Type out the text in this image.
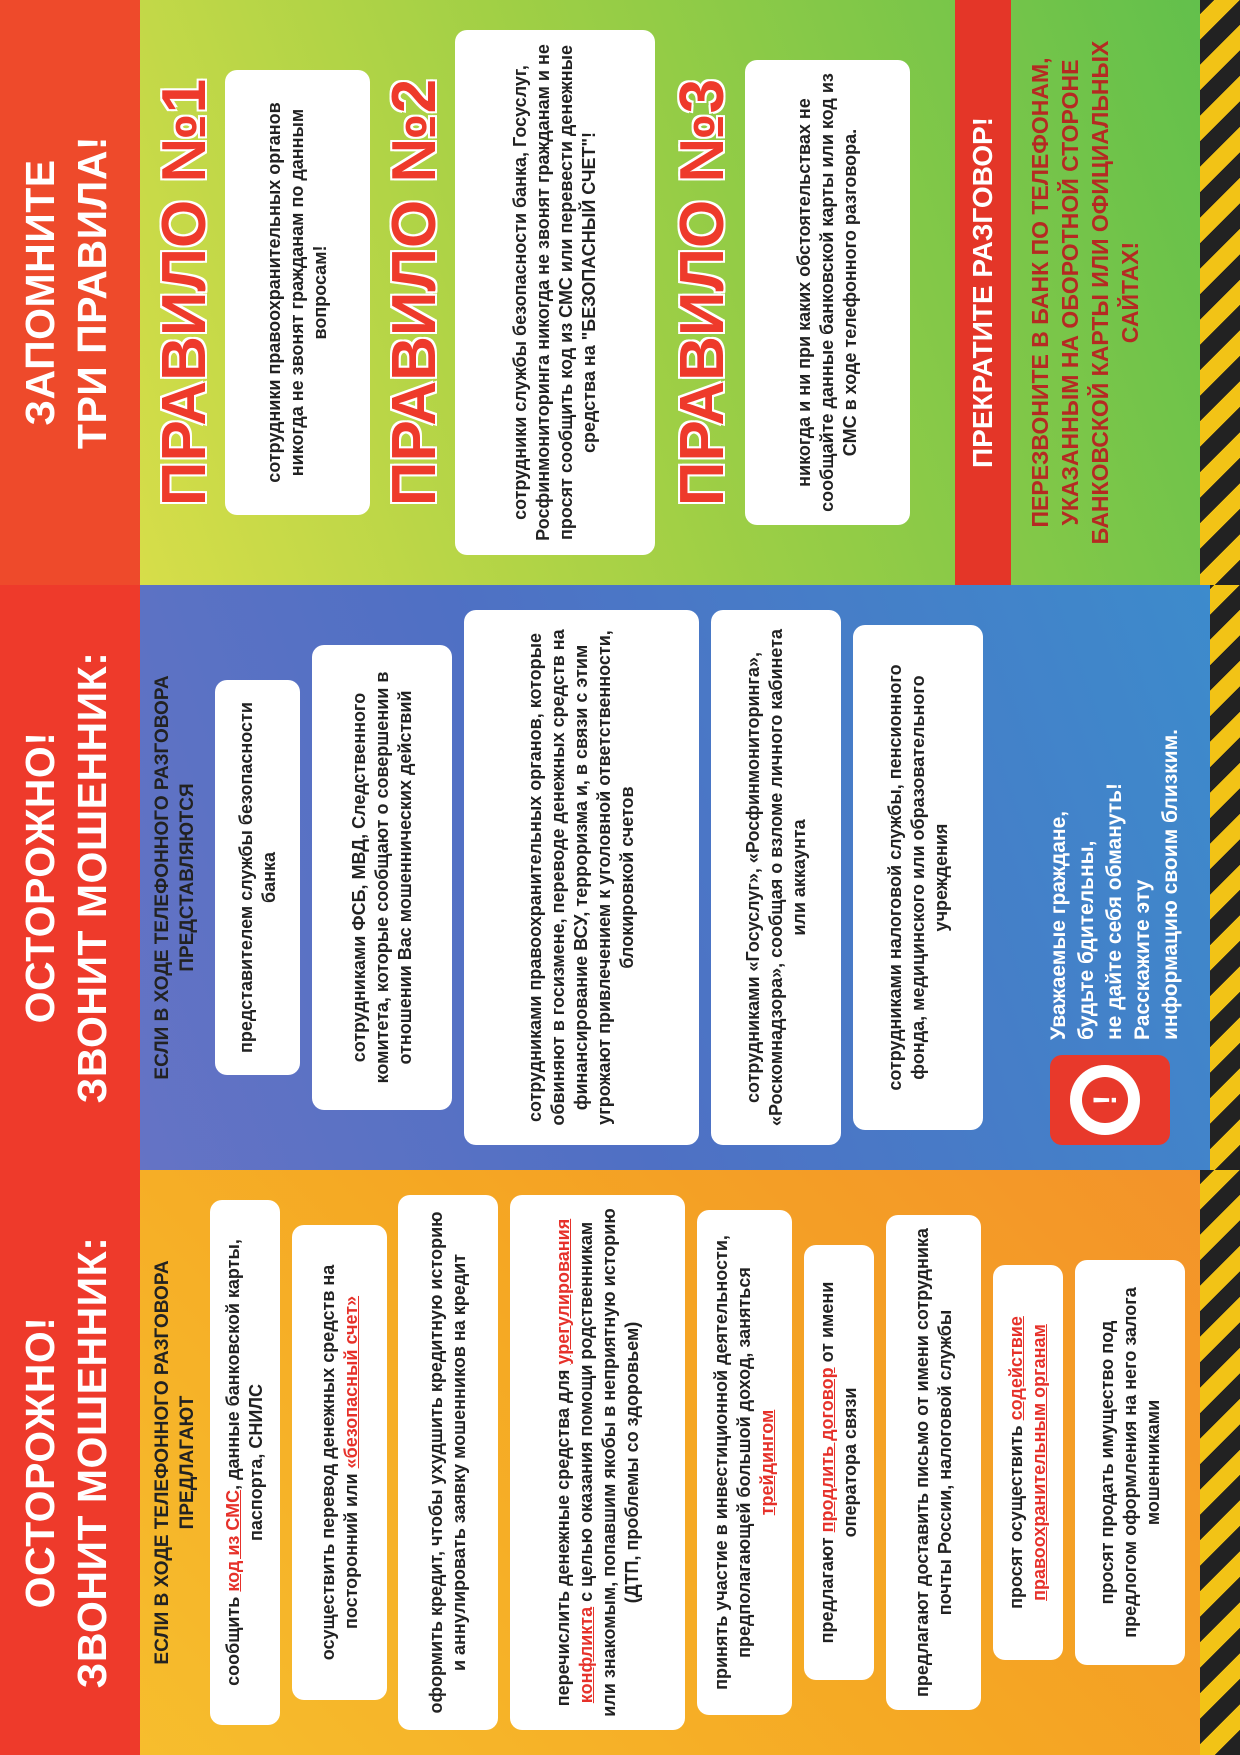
ОСТОРОЖНО! ЗВОНИТ МОШЕННИК: ЕСЛИ В ХОДЕ ТЕЛЕФОННОГО РАЗГОВОРА ПРЕДЛАГАЮТ
сообщить код из СМС, данные банковской карты, паспорта, СНИЛС	осуществить перевод денежных средств на посторонний или «безопасный счет»	оформить кредит, чтобы ухудшить кредитную историю и аннулировать заявку мошенников на кредит	перечислить денежные средства для урегулирования конфликта с целью оказания помощи родственникам или знакомым, попавшим якобы в неприятную историю (ДТП, проблемы со здоровьем)	принять участие в инвестиционной деятельности, предполагающей большой доход, заняться трейдингом
предлагают продлить договор от имени оператора связи	предлагают доставить письмо от имени сотрудника почты России, налоговой службы	просят осуществить содействие правоохранительным органам	просят продать имущество под предлогом оформления на него залога мошенниками
ОСТОРОЖНО! ЗВОНИТ МОШЕННИК: ЕСЛИ В ХОДЕ ТЕЛЕФОННОГО РАЗГОВОРА ПРЕДСТАВЛЯЮТСЯ представителем службы безопасности банка	сотрудниками ФСБ, МВД, Следственного комитета, которые сообщают о совершении в отношении Вас мошеннических действий	сотрудниками правоохранительных органов, которые обвиняют в госизмене, переводе денежных средств на финансирование ВСУ, терроризма и, в связи с этим угрожают привлечением к уголовной ответственности, блокировкой счетов	сотрудниками «Госуслуг», «Росфинмониторинга», «Роскомнадзора», сообщая о взломе личного кабинета или аккаунта	сотрудниками налоговой службы, пенсионного фонда, медицинского или образовательного учреждения
!
Уважаемые граждане, будьте бдительны, не дайте себя обмануть! Расскажите эту информацию своим близким.
ЗАПОМНИТЕ ТРИ ПРАВИЛА! ПРАВИЛО №1	сотрудники правоохранительных органов никогда не звонят гражданам по данным вопросам! ПРАВИЛО №2	сотрудники службы безопасности банка, Госуслуг, Росфинмониторинга никогда не звонят гражданам и не просят сообщить код из СМС или перевести денежные средства на "БЕЗОПАСНЫЙ СЧЕТ"! ПРАВИЛО №3	никогда и ни при каких обстоятельствах не сообщайте данные банковской карты или код из СМС в ходе телефонного разговора.	ПРЕКРАТИТЕ РАЗГОВОР!	ПЕРЕЗВОНИТЕ В БАНК ПО ТЕЛЕФОНАМ, УКАЗАННЫМ НА ОБОРОТНОЙ СТОРОНЕ БАНКОВСКОЙ КАРТЫ ИЛИ ОФИЦИАЛЬНЫХ САЙТАХ!
